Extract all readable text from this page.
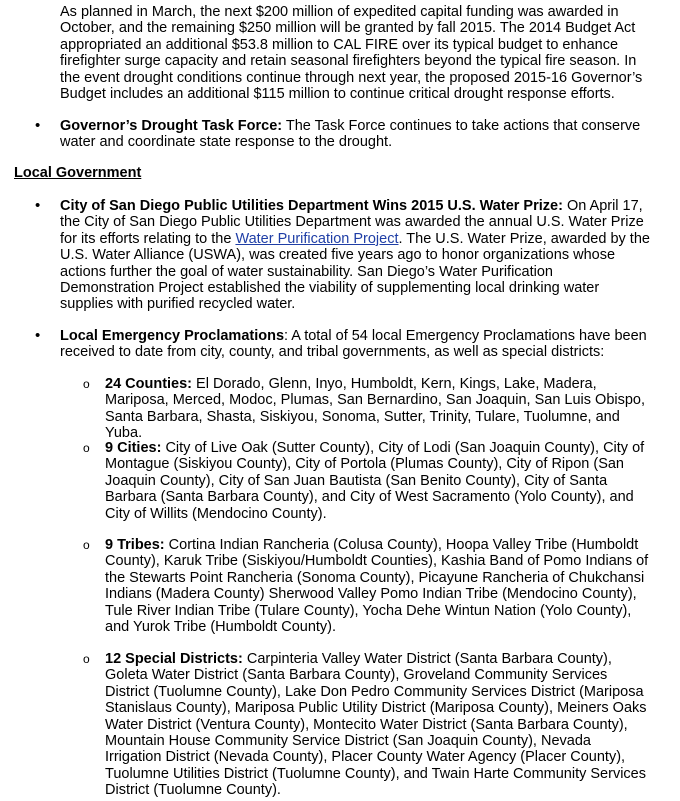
As planned in March, the next $200 million of expedited capital funding was awarded in October, and the remaining $250 million will be granted by fall 2015. The 2014 Budget Act appropriated an additional $53.8 million to CAL FIRE over its typical budget to enhance firefighter surge capacity and retain seasonal firefighters beyond the typical fire season. In the event drought conditions continue through next year, the proposed 2015-16 Governor’s Budget includes an additional $115 million to continue critical drought response efforts.

• Governor’s Drought Task Force: The Task Force continues to take actions that conserve water and coordinate state response to the drought.

Local Government

• City of San Diego Public Utilities Department Wins 2015 U.S. Water Prize: On April 17, the City of San Diego Public Utilities Department was awarded the annual U.S. Water Prize for its efforts relating to the Water Purification Project. The U.S. Water Prize, awarded by the U.S. Water Alliance (USWA), was created five years ago to honor organizations whose actions further the goal of water sustainability. San Diego’s Water Purification Demonstration Project established the viability of supplementing local drinking water supplies with purified recycled water.
• Local Emergency Proclamations: A total of 54 local Emergency Proclamations have been received to date from city, county, and tribal governments, as well as special districts:
o 24 Counties: El Dorado, Glenn, Inyo, Humboldt, Kern, Kings, Lake, Madera, Mariposa, Merced, Modoc, Plumas, San Bernardino, San Joaquin, San Luis Obispo, Santa Barbara, Shasta, Siskiyou, Sonoma, Sutter, Trinity, Tulare, Tuolumne, and Yuba.
o 9 Cities: City of Live Oak (Sutter County), City of Lodi (San Joaquin County), City of Montague (Siskiyou County), City of Portola (Plumas County), City of Ripon (San Joaquin County), City of San Juan Bautista (San Benito County), City of Santa Barbara (Santa Barbara County), and City of West Sacramento (Yolo County), and City of Willits (Mendocino County).
o 9 Tribes: Cortina Indian Rancheria (Colusa County), Hoopa Valley Tribe (Humboldt County), Karuk Tribe (Siskiyou/Humboldt Counties), Kashia Band of Pomo Indians of the Stewarts Point Rancheria (Sonoma County), Picayune Rancheria of Chukchansi Indians (Madera County) Sherwood Valley Pomo Indian Tribe (Mendocino County), Tule River Indian Tribe (Tulare County), Yocha Dehe Wintun Nation (Yolo County), and Yurok Tribe (Humboldt County).
o 12 Special Districts: Carpinteria Valley Water District (Santa Barbara County), Goleta Water District (Santa Barbara County), Groveland Community Services District (Tuolumne County), Lake Don Pedro Community Services District (Mariposa Stanislaus County), Mariposa Public Utility District (Mariposa County), Meiners Oaks Water District (Ventura County), Montecito Water District (Santa Barbara County), Mountain House Community Service District (San Joaquin County), Nevada Irrigation District (Nevada County), Placer County Water Agency (Placer County), Tuolumne Utilities District (Tuolumne County), and Twain Harte Community Services District (Tuolumne County).
